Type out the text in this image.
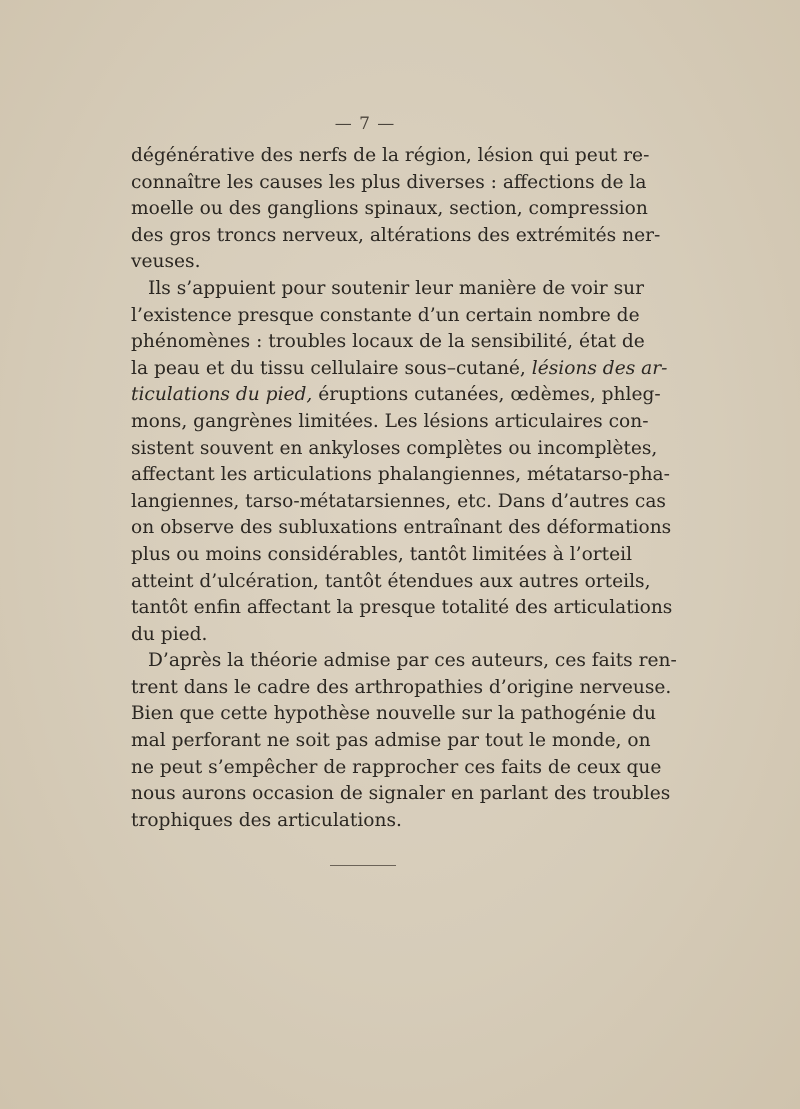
— 7 —
dégénérative des nerfs de la région, lésion qui peut re-
connaître les causes les plus diverses : affections de la
moelle ou des ganglions spinaux, section, compression
des gros troncs nerveux, altérations des extrémités ner-
veuses.
Ils s’appuient pour soutenir leur manière de voir sur
l’existence presque constante d’un certain nombre de
phénomènes : troubles locaux de la sensibilité, état de
la peau et du tissu cellulaire sous–cutané, lésions des ar-
ticulations du pied, éruptions cutanées, œdèmes, phleg-
mons, gangrènes limitées. Les lésions articulaires con-
sistent souvent en ankyloses complètes ou incomplètes,
affectant les articulations phalangiennes, métatarso-pha-
langiennes, tarso-métatarsiennes, etc. Dans d’autres cas
on observe des subluxations entraînant des déformations
plus ou moins considérables, tantôt limitées à l’orteil
atteint d’ulcération, tantôt étendues aux autres orteils,
tantôt enfin affectant la presque totalité des articulations
du pied.
D’après la théorie admise par ces auteurs, ces faits ren-
trent dans le cadre des arthropathies d’origine nerveuse.
Bien que cette hypothèse nouvelle sur la pathogénie du
mal perforant ne soit pas admise par tout le monde, on
ne peut s’empêcher de rapprocher ces faits de ceux que
nous aurons occasion de signaler en parlant des troubles
trophiques des articulations.
